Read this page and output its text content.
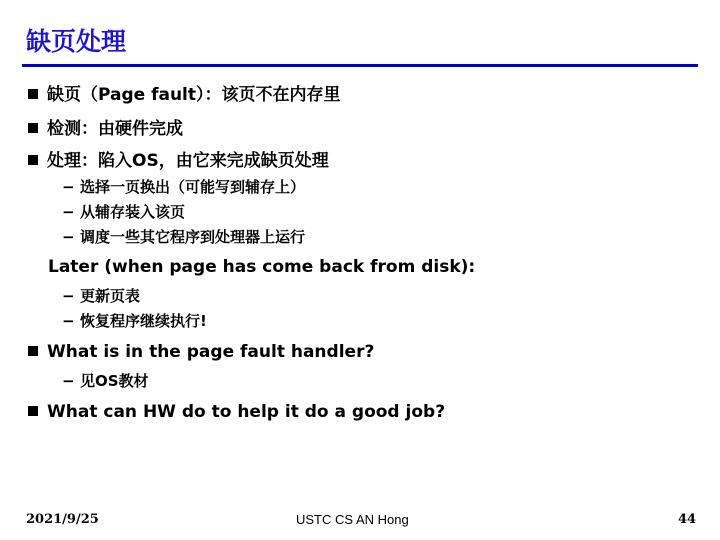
缺页处理
缺页（Page fault）：该页不在内存里
检测：由硬件完成
处理：陷入OS，由它来完成缺页处理
− 选择一页换出（可能写到辅存上）
− 从辅存装入该页
− 调度一些其它程序到处理器上运行
Later (when page has come back from disk):
− 更新页表
− 恢复程序继续执行!
What is in the page fault handler?
− 见OS教材
What can HW do to help it do a good job?
2021/9/25	USTC CS AN Hong	44
